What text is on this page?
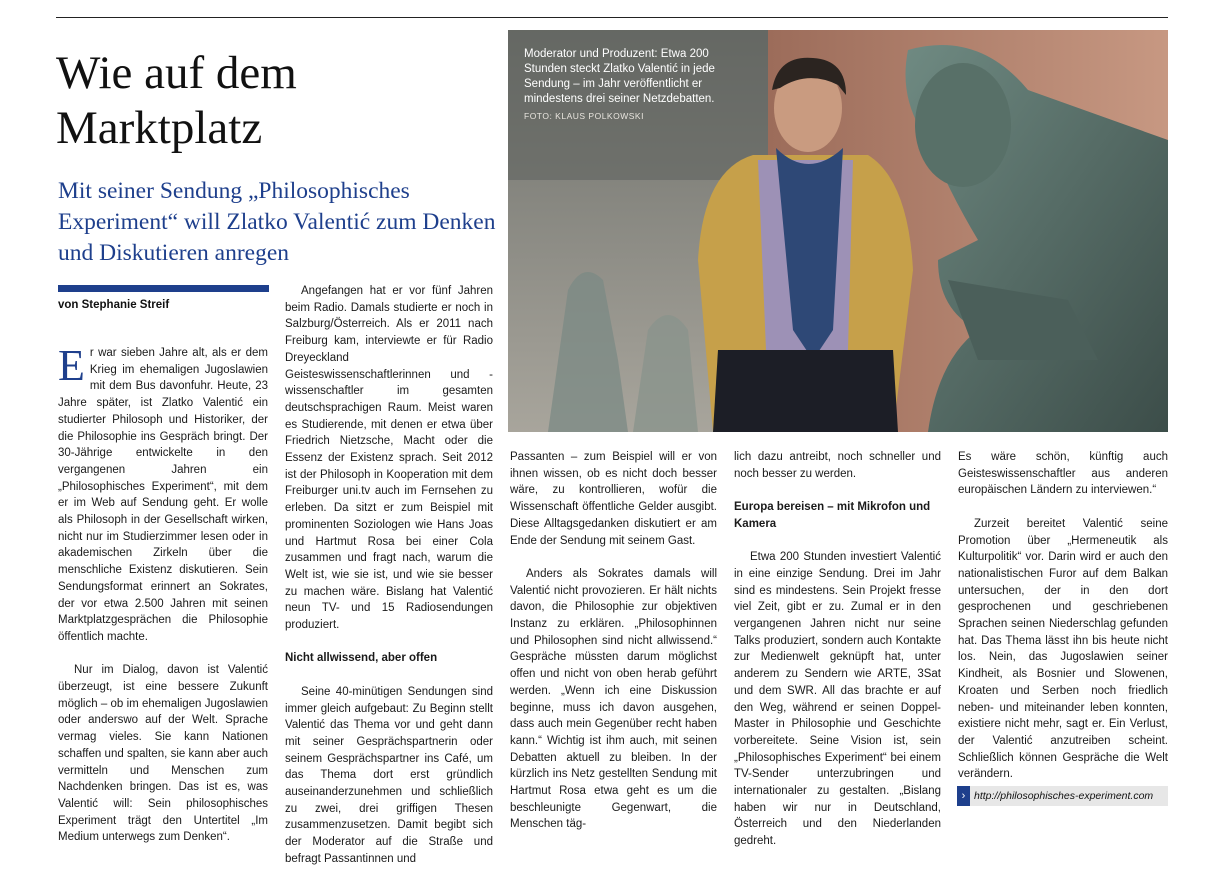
Wie auf dem
Marktplatz
Mit seiner Sendung „Philosophisches Experiment“ will Zlatko Valentić zum Denken und Diskutieren anregen
von Stephanie Streif
Moderator und Produzent: Etwa 200 Stunden steckt Zlatko Valentić in jede Sendung – im Jahr veröffentlicht er mindestens drei seiner Netzdebatten.
FOTO: KLAUS POLKOWSKI

Er war sieben Jahre alt, als er dem Krieg im ehemaligen Jugoslawien mit dem Bus davonfuhr. Heute, 23 Jahre später, ist Zlatko Valentić ein studierter Philosoph und Historiker, der die Philosophie ins Gespräch bringt. Der 30-Jährige entwickelte in den vergangenen Jahren ein „Philosophisches Experiment“, mit dem er im Web auf Sendung geht. Er wolle als Philosoph in der Gesellschaft wirken, nicht nur im Studierzimmer lesen oder in akademischen Zirkeln über die menschliche Existenz diskutieren. Sein Sendungsformat erinnert an Sokrates, der vor etwa 2.500 Jahren mit seinen Marktplatzgesprächen die Philosophie öffentlich machte.

Nur im Dialog, davon ist Valentić überzeugt, ist eine bessere Zukunft möglich – ob im ehemaligen Jugoslawien oder anderswo auf der Welt. Sprache vermag vieles. Sie kann Nationen schaffen und spalten, sie kann aber auch vermitteln und Menschen zum Nachdenken bringen. Das ist es, was Valentić will: Sein philosophisches Experiment trägt den Untertitel „Im Medium unterwegs zum Denken“.

Angefangen hat er vor fünf Jahren beim Radio. Damals studierte er noch in Salzburg/Österreich. Als er 2011 nach Freiburg kam, interviewte er für Radio Dreyeckland Geisteswissenschaftlerinnen und -wissenschaftler im gesamten deutschsprachigen Raum. Meist waren es Studierende, mit denen er etwa über Friedrich Nietzsche, Macht oder die Essenz der Existenz sprach. Seit 2012 ist der Philosoph in Kooperation mit dem Freiburger uni.tv auch im Fernsehen zu erleben. Da sitzt er zum Beispiel mit prominenten Soziologen wie Hans Joas und Hartmut Rosa bei einer Cola zusammen und fragt nach, warum die Welt ist, wie sie ist, und wie sie besser zu machen wäre. Bislang hat Valentić neun TV- und 15 Radiosendungen produziert.

Nicht allwissend, aber offen

Seine 40-minütigen Sendungen sind immer gleich aufgebaut: Zu Beginn stellt Valentić das Thema vor und geht dann mit seiner Gesprächspartnerin oder seinem Gesprächspartner ins Café, um das Thema dort erst gründlich auseinanderzunehmen und schließlich zu zwei, drei griffigen Thesen zusammenzusetzen. Damit begibt sich der Moderator auf die Straße und befragt Passantinnen und

Passanten – zum Beispiel will er von ihnen wissen, ob es nicht doch besser wäre, zu kontrollieren, wofür die Wissenschaft öffentliche Gelder ausgibt. Diese Alltagsgedanken diskutiert er am Ende der Sendung mit seinem Gast.

Anders als Sokrates damals will Valentić nicht provozieren. Er hält nichts davon, die Philosophie zur objektiven Instanz zu erklären. „Philosophinnen und Philosophen sind nicht allwissend.“ Gespräche müssten darum möglichst offen und nicht von oben herab geführt werden. „Wenn ich eine Diskussion beginne, muss ich davon ausgehen, dass auch mein Gegenüber recht haben kann.“ Wichtig ist ihm auch, mit seinen Debatten aktuell zu bleiben. In der kürzlich ins Netz gestellten Sendung mit Hartmut Rosa etwa geht es um die beschleunigte Gegenwart, die Menschen täg-

lich dazu antreibt, noch schneller und noch besser zu werden.

Europa bereisen – mit Mikrofon und Kamera

Etwa 200 Stunden investiert Valentić in eine einzige Sendung. Drei im Jahr sind es mindestens. Sein Projekt fresse viel Zeit, gibt er zu. Zumal er in den vergangenen Jahren nicht nur seine Talks produziert, sondern auch Kontakte zur Medienwelt geknüpft hat, unter anderem zu Sendern wie ARTE, 3Sat und dem SWR. All das brachte er auf den Weg, während er seinen Doppel-Master in Philosophie und Geschichte vorbereitete. Seine Vision ist, sein „Philosophisches Experiment“ bei einem TV-Sender unterzubringen und internationaler zu gestalten. „Bislang haben wir nur in Deutschland, Österreich und den Niederlanden gedreht.

Es wäre schön, künftig auch Geisteswissenschaftler aus anderen europäischen Ländern zu interviewen.“

Zurzeit bereitet Valentić seine Promotion über „Hermeneutik als Kulturpolitik“ vor. Darin wird er auch den nationalistischen Furor auf dem Balkan untersuchen, der in den dort gesprochenen und geschriebenen Sprachen seinen Niederschlag gefunden hat. Das Thema lässt ihn bis heute nicht los. Nein, das Jugoslawien seiner Kindheit, als Bosnier und Slowenen, Kroaten und Serben noch friedlich neben- und miteinander leben konnten, existiere nicht mehr, sagt er. Ein Verlust, der Valentić anzutreiben scheint. Schließlich können Gespräche die Welt verändern.

› http://philosophisches-experiment.com
